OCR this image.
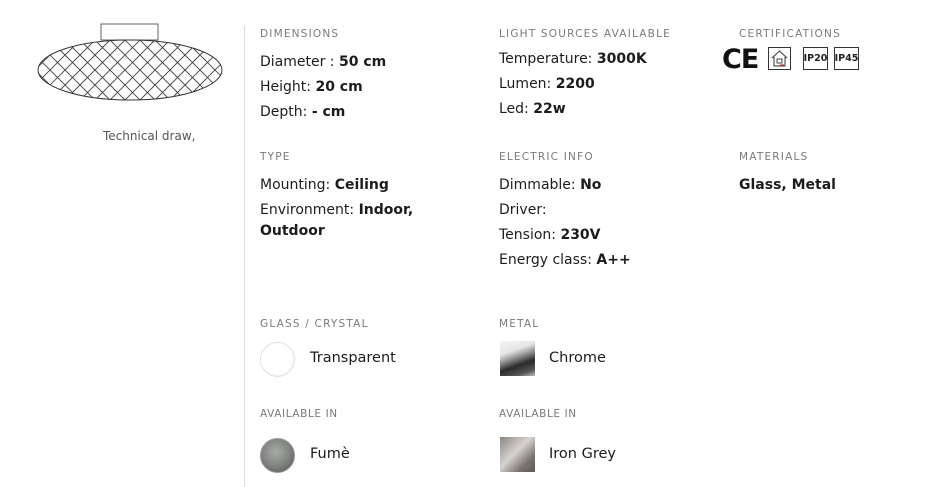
Technical draw,
DIMENSIONS
Diameter : 50 cm
Height: 20 cm
Depth: - cm
LIGHT SOURCES AVAILABLE
Temperature: 3000K
Lumen: 2200
Led: 22w
CERTIFICATIONS
CE	IP20 IP45
TYPE
Mounting: Ceiling
Environment: Indoor,
Outdoor
ELECTRIC INFO
Dimmable: No
Driver:
Tension: 230V
Energy class: A++
MATERIALS
Glass, Metal
GLASS / CRYSTAL
Transparent
AVAILABLE IN
Fumè
METAL
Chrome
AVAILABLE IN
Iron Grey
